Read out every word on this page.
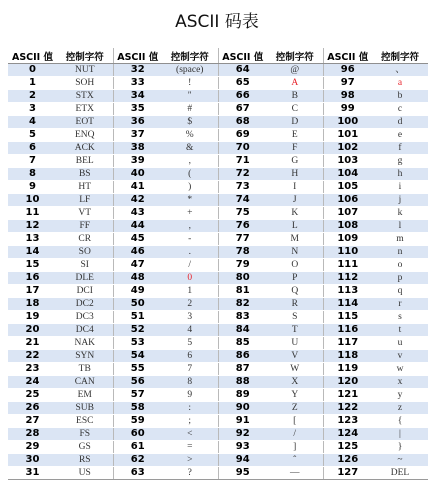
ASCII 码表
ASCII 值	控制字符	ASCII 值	控制字符	ASCII 值	控制字符	ASCII 值	控制字符
0	NUT	32	(space)	64	@	96	、
1	SOH	33	!	65	A	97	a
2	STX	34	"	66	B	98	b
3	ETX	35	#	67	C	99	c
4	EOT	36	$	68	D	100	d
5	ENQ	37	%	69	E	101	e
6	ACK	38	&	70	F	102	f
7	BEL	39	,	71	G	103	g
8	BS	40	(	72	H	104	h
9	HT	41	)	73	I	105	i
10	LF	42	*	74	J	106	j
11	VT	43	+	75	K	107	k
12	FF	44	,	76	L	108	l
13	CR	45	-	77	M	109	m
14	SO	46	.	78	N	110	n
15	SI	47	/	79	O	111	o
16	DLE	48	0	80	P	112	p
17	DCI	49	1	81	Q	113	q
18	DC2	50	2	82	R	114	r
19	DC3	51	3	83	S	115	s
20	DC4	52	4	84	T	116	t
21	NAK	53	5	85	U	117	u
22	SYN	54	6	86	V	118	v
23	TB	55	7	87	W	119	w
24	CAN	56	8	88	X	120	x
25	EM	57	9	89	Y	121	y
26	SUB	58	:	90	Z	122	z
27	ESC	59	;	91	[	123	{
28	FS	60	<	92	/	124	|
29	GS	61	=	93	]	125	}
30	RS	62	>	94	ˆ	126	~
31	US	63	?	95	—	127	DEL
